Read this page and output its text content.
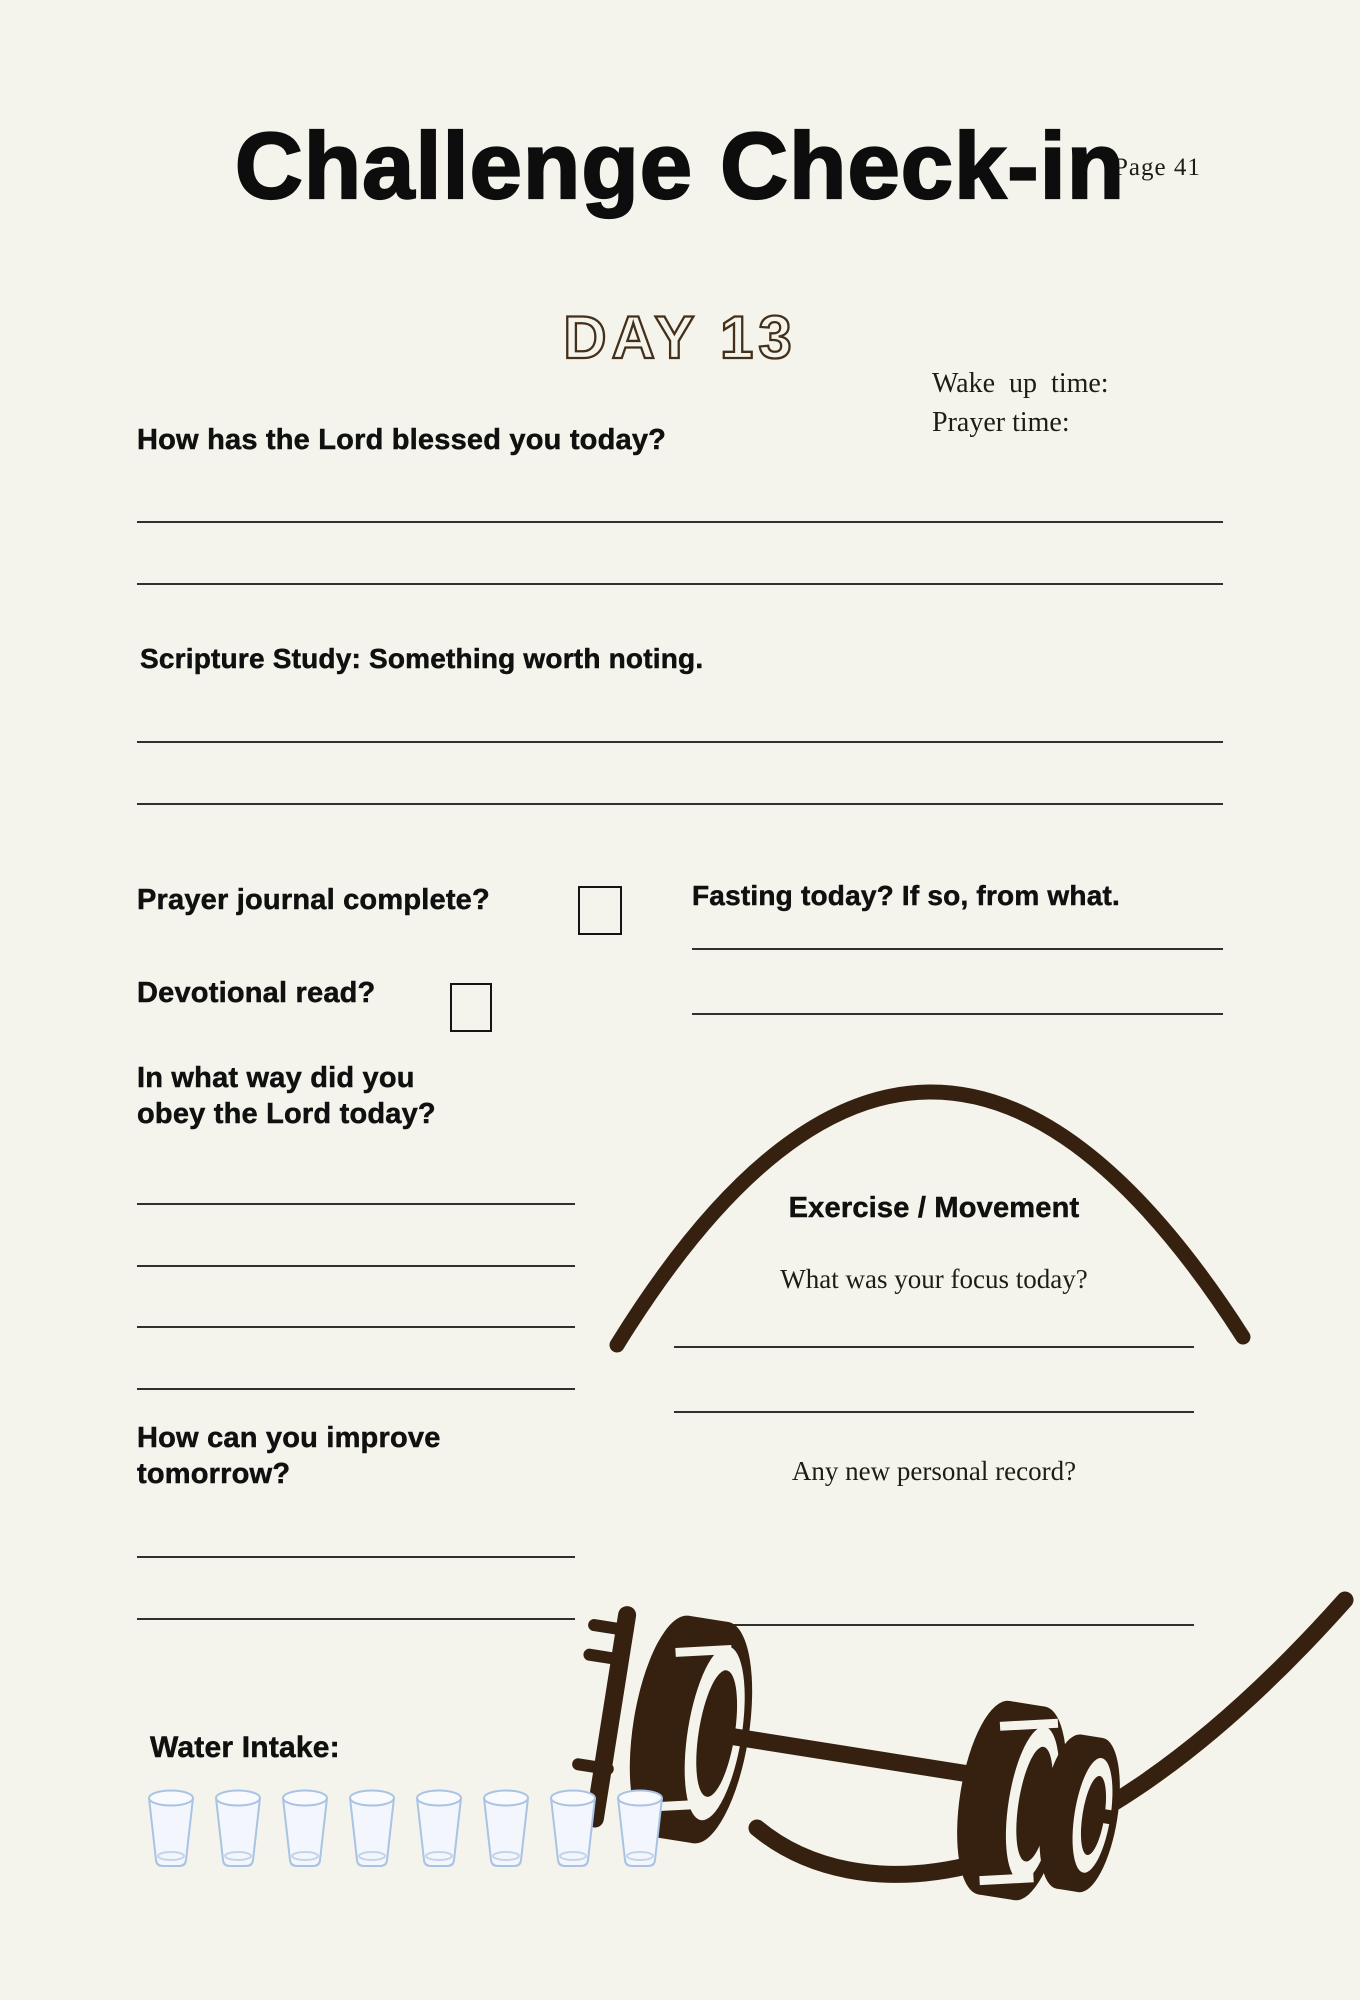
Page 41
Challenge Check-in
DAY 13
Wake up time:
Prayer time:
How has the Lord blessed you today?
Scripture Study: Something worth noting.
Prayer journal complete?	Fasting today? If so, from what.
Devotional read?
In what way did you
obey the Lord today?
Exercise / Movement
What was your focus today?
Any new personal record?
How can you improve
tomorrow?
Water Intake:
